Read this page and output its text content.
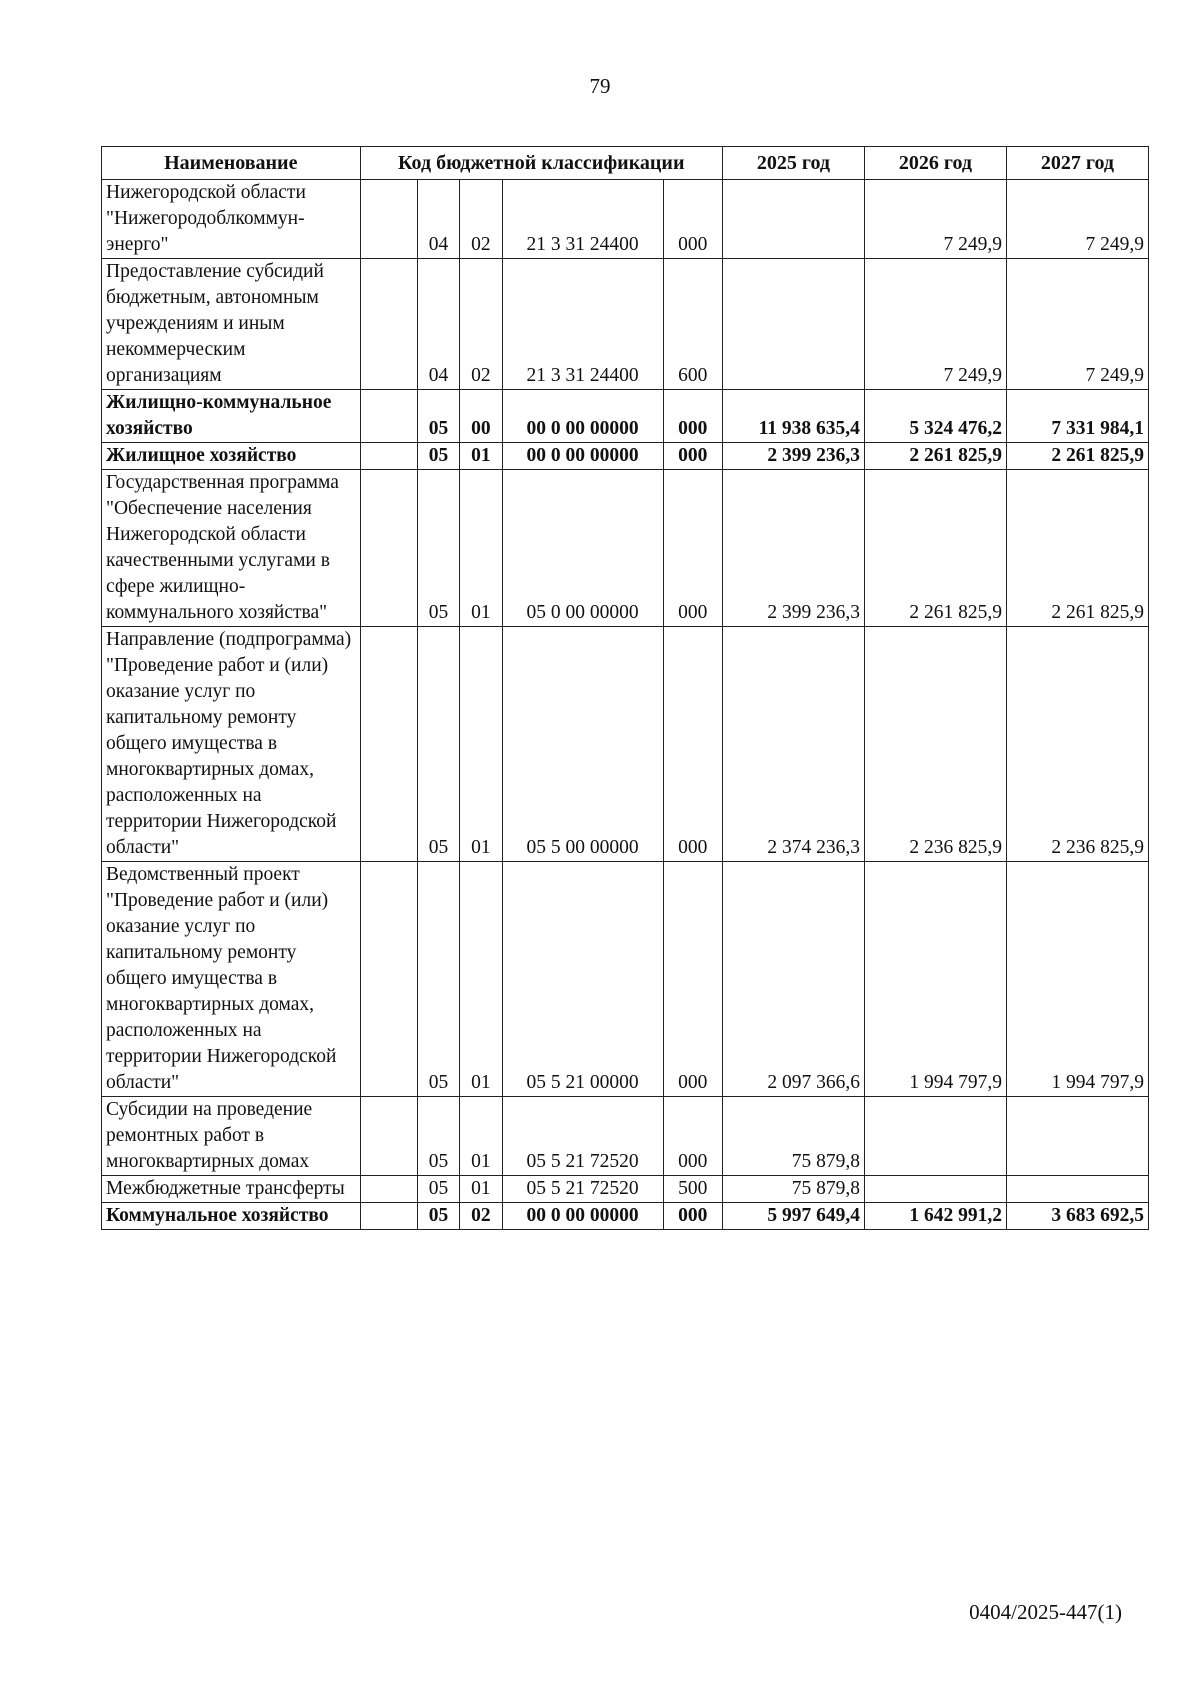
79
Наименование	Код бюджетной классификации					2025 год	2026 год	2027 год
Нижегородской области "Нижегородоблкоммун-энерго"		04	02	21 3 31 24400	000		7 249,9	7 249,9
Предоставление субсидий бюджетным, автономным учреждениям и иным некоммерческим организациям		04	02	21 3 31 24400	600		7 249,9	7 249,9
Жилищно-коммунальное хозяйство		05	00	00 0 00 00000	000	11 938 635,4	5 324 476,2	7 331 984,1
Жилищное хозяйство		05	01	00 0 00 00000	000	2 399 236,3	2 261 825,9	2 261 825,9
Государственная программа "Обеспечение населения Нижегородской области качественными услугами в сфере жилищно-коммунального хозяйства"		05	01	05 0 00 00000	000	2 399 236,3	2 261 825,9	2 261 825,9
Направление (подпрограмма) "Проведение работ и (или) оказание услуг по капитальному ремонту общего имущества в многоквартирных домах, расположенных на территории Нижегородской области"		05	01	05 5 00 00000	000	2 374 236,3	2 236 825,9	2 236 825,9
Ведомственный проект "Проведение работ и (или) оказание услуг по капитальному ремонту общего имущества в многоквартирных домах, расположенных на территории Нижегородской области"		05	01	05 5 21 00000	000	2 097 366,6	1 994 797,9	1 994 797,9
Субсидии на проведение ремонтных работ в многоквартирных домах		05	01	05 5 21 72520	000	75 879,8		
Межбюджетные трансферты		05	01	05 5 21 72520	500	75 879,8		
Коммунальное хозяйство		05	02	00 0 00 00000	000	5 997 649,4	1 642 991,2	3 683 692,5
0404/2025-447(1)
